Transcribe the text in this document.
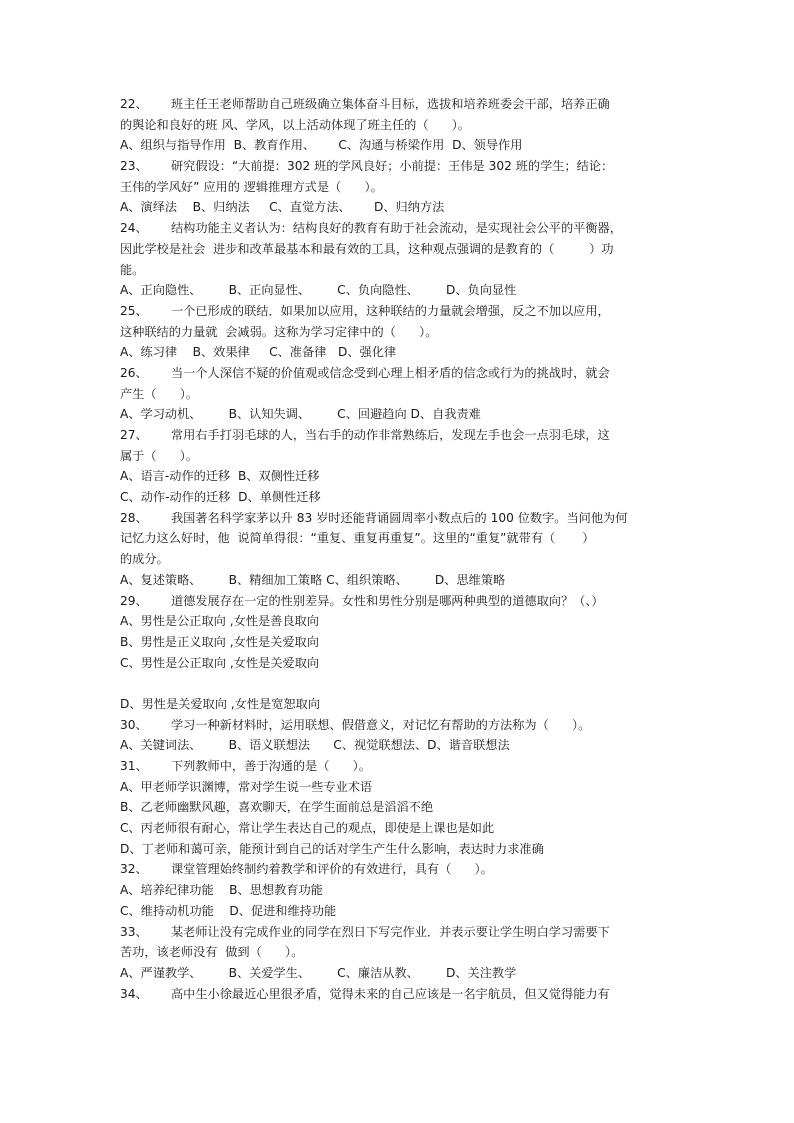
22、      班主任王老师帮助自己班级确立集体奋斗目标，选拔和培养班委会干部，培养正确
的舆论和良好的班 风、学风，以上活动体现了班主任的（      ）。
A、组织与指导作用  B、教育作用、      C、沟通与桥梁作用  D、领导作用
23、      研究假设：“大前提：302 班的学风良好；小前提：王伟是 302 班的学生；结论：
王伟的学风好” 应用的 逻辑推理方式是（      ）。
A、演绎法    B、归纳法     C、直觉方法、      D、归纳方法
24、      结构功能主义者认为：结构良好的教育有助于社会流动，是实现社会公平的平衡器，
因此学校是社会  进步和改革最基本和最有效的工具，这种观点强调的是教育的（         ）功
能。
A、正向隐性、       B、正向显性、       C、负向隐性、       D、负向显性
25、      一个已形成的联结．如果加以应用，这种联结的力量就会增强，反之不加以应用，
这种联结的力量就  会减弱。这称为学习定律中的（      ）。
A、练习律    B、效果律     C、准备律   D、强化律
26、      当一个人深信不疑的价值观或信念受到心理上相矛盾的信念或行为的挑战时，就会
产生（      ）。
A、学习动机、       B、认知失调、       C、回避趋向 D、自我责难
27、      常用右手打羽毛球的人，当右手的动作非常熟练后，发现左手也会一点羽毛球，这
属于（      ）。
A、语言-动作的迁移  B、双侧性迁移
C、动作-动作的迁移  D、单侧性迁移
28、      我国著名科学家茅以升 83 岁时还能背诵圆周率小数点后的 100 位数字。当问他为何
记忆力这么好时，他  说简单得很：“重复、重复再重复”。这里的“重复”就带有（       ）
的成分。
A、复述策略、       B、精细加工策略 C、组织策略、       D、思维策略
29、      道德发展存在一定的性别差异。女性和男性分别是哪两种典型的道德取向？（、）
A、男性是公正取向 ,女性是善良取向
B、男性是正义取向 ,女性是关爱取向
C、男性是公正取向 ,女性是关爱取向
D、男性是关爱取向 ,女性是宽恕取向
30、      学习一种新材料时，运用联想、假借意义，对记忆有帮助的方法称为（      ）。
A、关键词法、       B、语义联想法      C、视觉联想法、D、谐音联想法
31、      下列教师中，善于沟通的是（      ）。
A、甲老师学识渊博，常对学生说一些专业术语
B、乙老师幽默风趣，喜欢聊天，在学生面前总是滔滔不绝
C、丙老师很有耐心，常让学生表达自己的观点，即使是上课也是如此
D、丁老师和蔼可亲，能预计到自己的话对学生产生什么影响，表达时力求准确
32、      课堂管理始终制约着教学和评价的有效进行，具有（      ）。
A、培养纪律功能    B、思想教育功能
C、维持动机功能    D、促进和维持功能
33、      某老师让没有完成作业的同学在烈日下写完作业．并表示要让学生明白学习需要下
苦功，该老师没有  做到（      ）。
A、严谨教学、       B、关爱学生、       C、廉洁从教、       D、关注教学
34、      高中生小徐最近心里很矛盾，觉得未来的自己应该是一名宇航员，但又觉得能力有
